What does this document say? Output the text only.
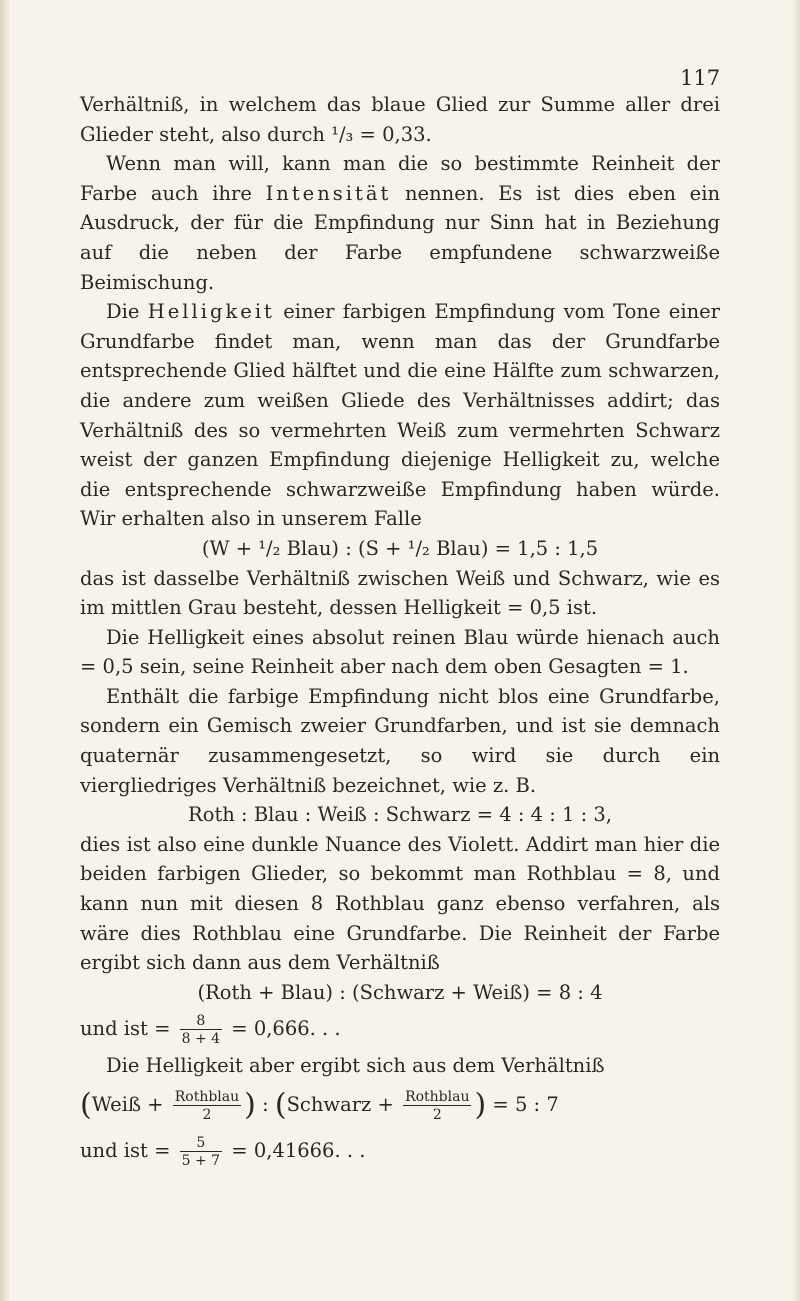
117

Verhältniß, in welchem das blaue Glied zur Summe aller drei Glieder steht, also durch ¹/₃ = 0,33.

Wenn man will, kann man die so bestimmte Reinheit der Farbe auch ihre Intensität nennen. Es ist dies eben ein Ausdruck, der für die Empfindung nur Sinn hat in Beziehung auf die neben der Farbe empfundene schwarzweiße Beimischung.

Die Helligkeit einer farbigen Empfindung vom Tone einer Grundfarbe findet man, wenn man das der Grundfarbe entsprechende Glied hälftet und die eine Hälfte zum schwarzen, die andere zum weißen Gliede des Verhältnisses addirt; das Verhältniß des so vermehrten Weiß zum vermehrten Schwarz weist der ganzen Empfindung diejenige Helligkeit zu, welche die entsprechende schwarzweiße Empfindung haben würde. Wir erhalten also in unserem Falle

(W + ¹/₂ Blau) : (S + ¹/₂ Blau) = 1,5 : 1,5

das ist dasselbe Verhältniß zwischen Weiß und Schwarz, wie es im mittlen Grau besteht, dessen Helligkeit = 0,5 ist.

Die Helligkeit eines absolut reinen Blau würde hienach auch = 0,5 sein, seine Reinheit aber nach dem oben Gesagten = 1.

Enthält die farbige Empfindung nicht blos eine Grundfarbe, sondern ein Gemisch zweier Grundfarben, und ist sie demnach quaternär zusammengesetzt, so wird sie durch ein viergliedriges Verhältniß bezeichnet, wie z. B.

Roth : Blau : Weiß : Schwarz = 4 : 4 : 1 : 3,

dies ist also eine dunkle Nuance des Violett. Addirt man hier die beiden farbigen Glieder, so bekommt man Rothblau = 8, und kann nun mit diesen 8 Rothblau ganz ebenso verfahren, als wäre dies Rothblau eine Grundfarbe. Die Reinheit der Farbe ergibt sich dann aus dem Verhältniß

(Roth + Blau) : (Schwarz + Weiß) = 8 : 4

und ist = $\frac{8}{8 + 4} = 0,666$. . .

Die Helligkeit aber ergibt sich aus dem Verhältniß

(Weiß + $\frac{\text{Rothblau}}{2}$ ) : (Schwarz + $\frac{\text{Rothblau}}{2}$ ) = 5 : 7
und ist = $\frac{5}{5 + 7} = 0,41666$. . .
